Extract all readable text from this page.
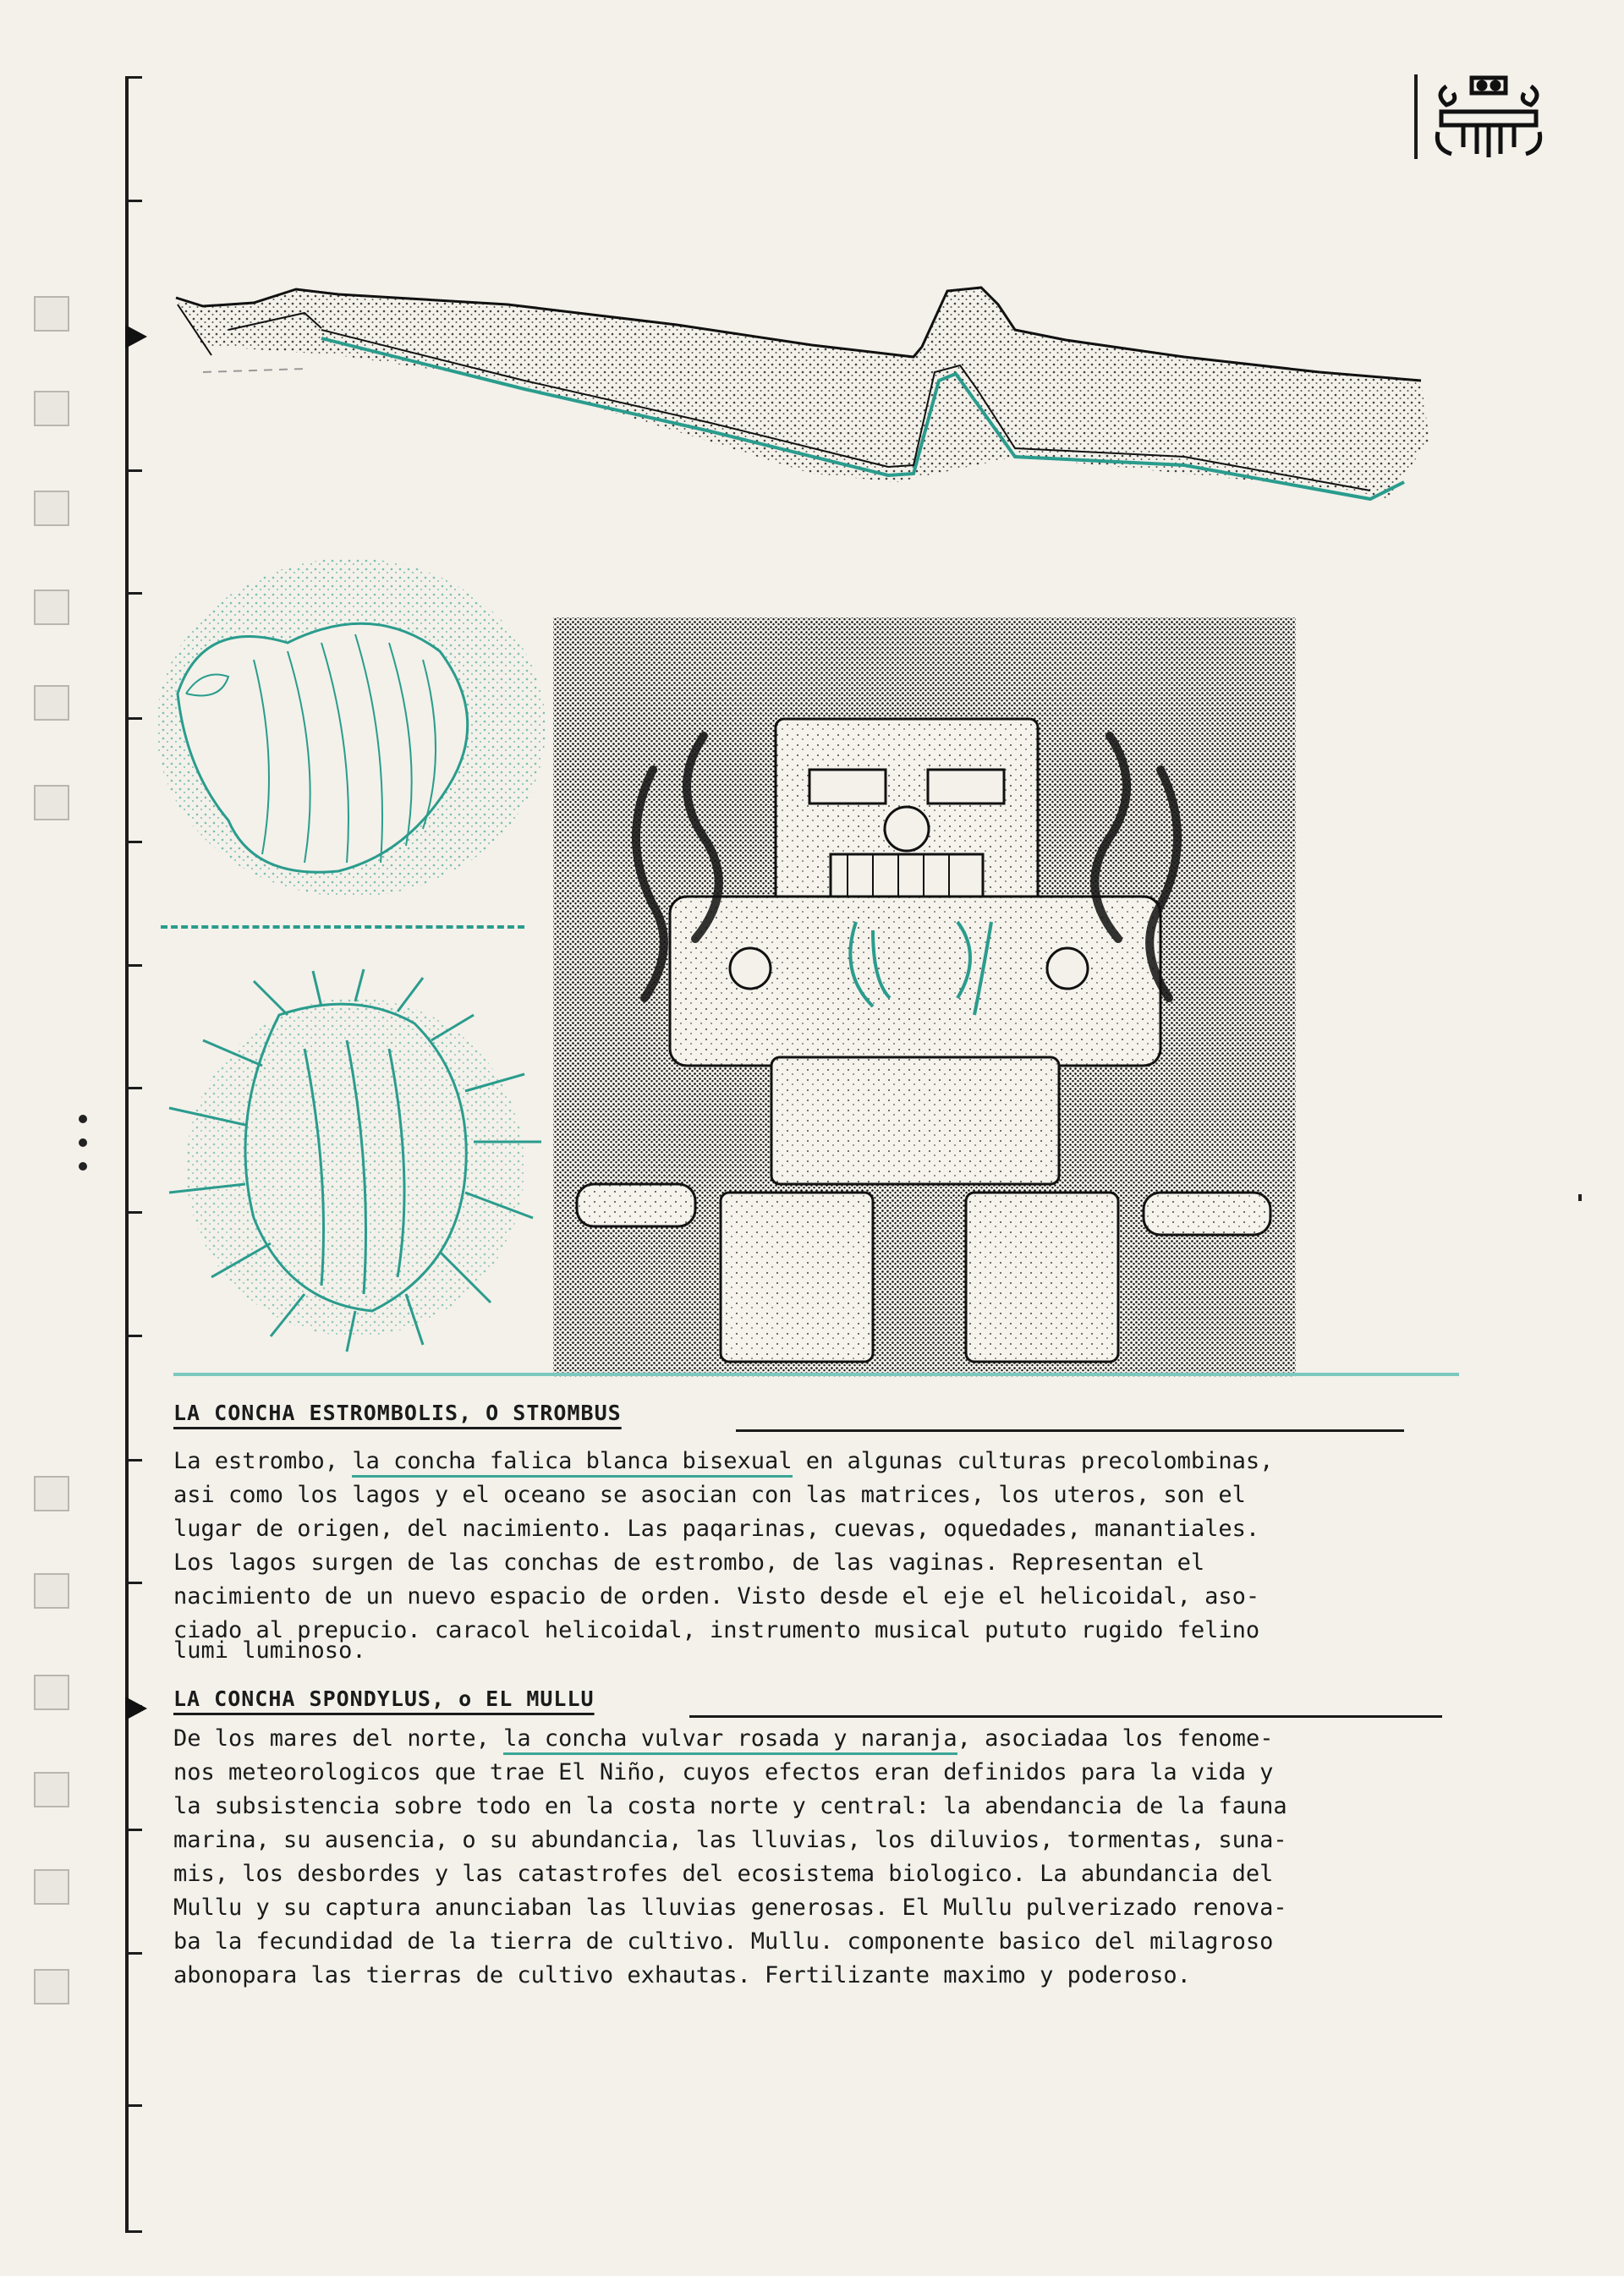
LA CONCHA ESTROMBOLIS, O STROMBUS
La estrombo, la concha falica blanca bisexual en algunas culturas precolombinas,
asi como los lagos y el oceano se asocian con las matrices, los uteros, son el
lugar de origen, del nacimiento. Las paqarinas, cuevas, oquedades, manantiales.
Los lagos surgen de las conchas de estrombo, de las vaginas. Representan el
nacimiento de un nuevo espacio de orden. Visto desde el eje el helicoidal, aso-
ciado al prepucio. caracol helicoidal, instrumento musical pututo rugido felino
lumi luminoso.
LA CONCHA SPONDYLUS, o EL MULLU
De los mares del norte, la concha vulvar rosada y naranja, asociadaa los fenome-
nos meteorologicos que trae El Niño, cuyos efectos eran definidos para la vida y
la subsistencia sobre todo en la costa norte y central: la abendancia de la fauna
marina, su ausencia, o su abundancia, las lluvias, los diluvios, tormentas, suna-
mis, los desbordes y las catastrofes del ecosistema biologico. La abundancia del
Mullu y su captura anunciaban las lluvias generosas. El Mullu pulverizado renova-
ba la fecundidad de la tierra de cultivo. Mullu. componente basico del milagroso
abonopara las tierras de cultivo exhautas. Fertilizante maximo y poderoso.
